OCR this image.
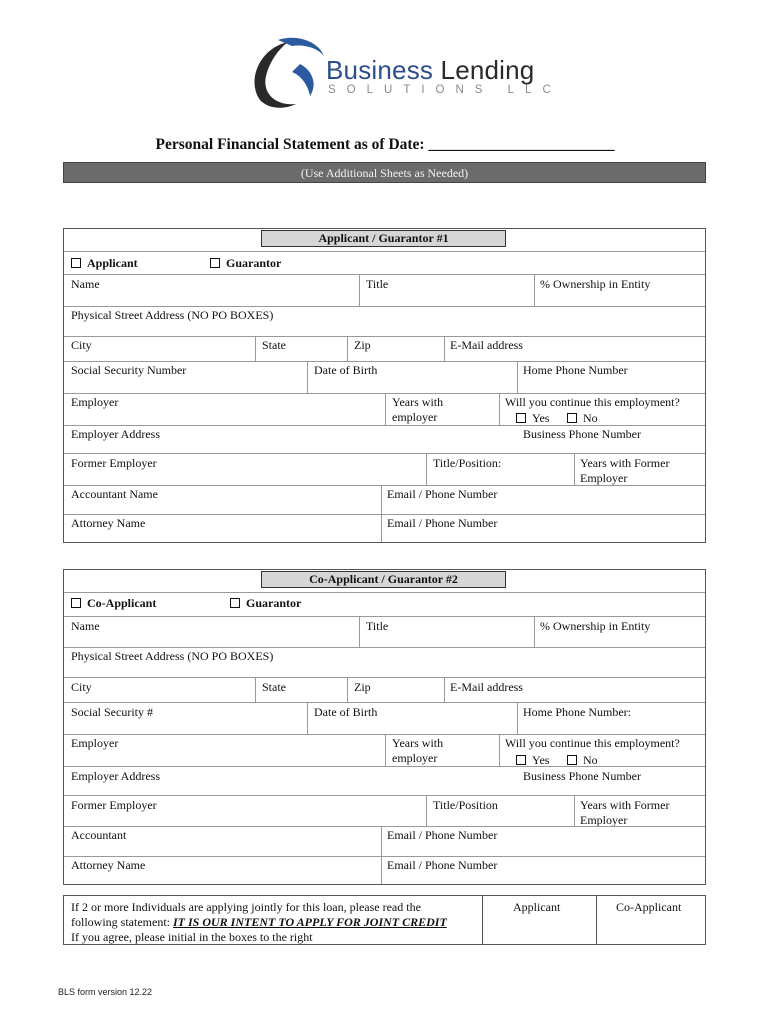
Business Lending
SOLUTIONS LLC
Personal Financial Statement as of Date: ________________________
(Use Additional Sheets as Needed)
Applicant / Guarantor #1
Applicant	Guarantor
Name	Title	% Ownership in Entity
Physical Street Address (NO PO BOXES)
City	State	Zip	E-Mail address
Social Security Number	Date of Birth	Home Phone Number
Employer	Years with
employer
Will you continue this employment?
Yes	No
Employer Address	Business Phone Number
Former Employer	Title/Position:	Years with Former
Employer
Accountant Name	Email / Phone Number
Attorney Name	Email / Phone Number
Co-Applicant / Guarantor #2
Co-Applicant	Guarantor
Name	Title	% Ownership in Entity
Physical Street Address (NO PO BOXES)
City	State	Zip	E-Mail address
Social Security #	Date of Birth	Home Phone Number:
Employer	Years with
employer
Will you continue this employment?
Yes	No
Employer Address	Business Phone Number
Former Employer	Title/Position	Years with Former
Employer
Accountant	Email / Phone Number
Attorney Name	Email / Phone Number
If 2 or more Individuals are applying jointly for this loan, please read the
following statement: IT IS OUR INTENT TO APPLY FOR JOINT CREDIT
If you agree, please initial in the boxes to the right
Applicant	Co-Applicant
BLS form version 12.22
